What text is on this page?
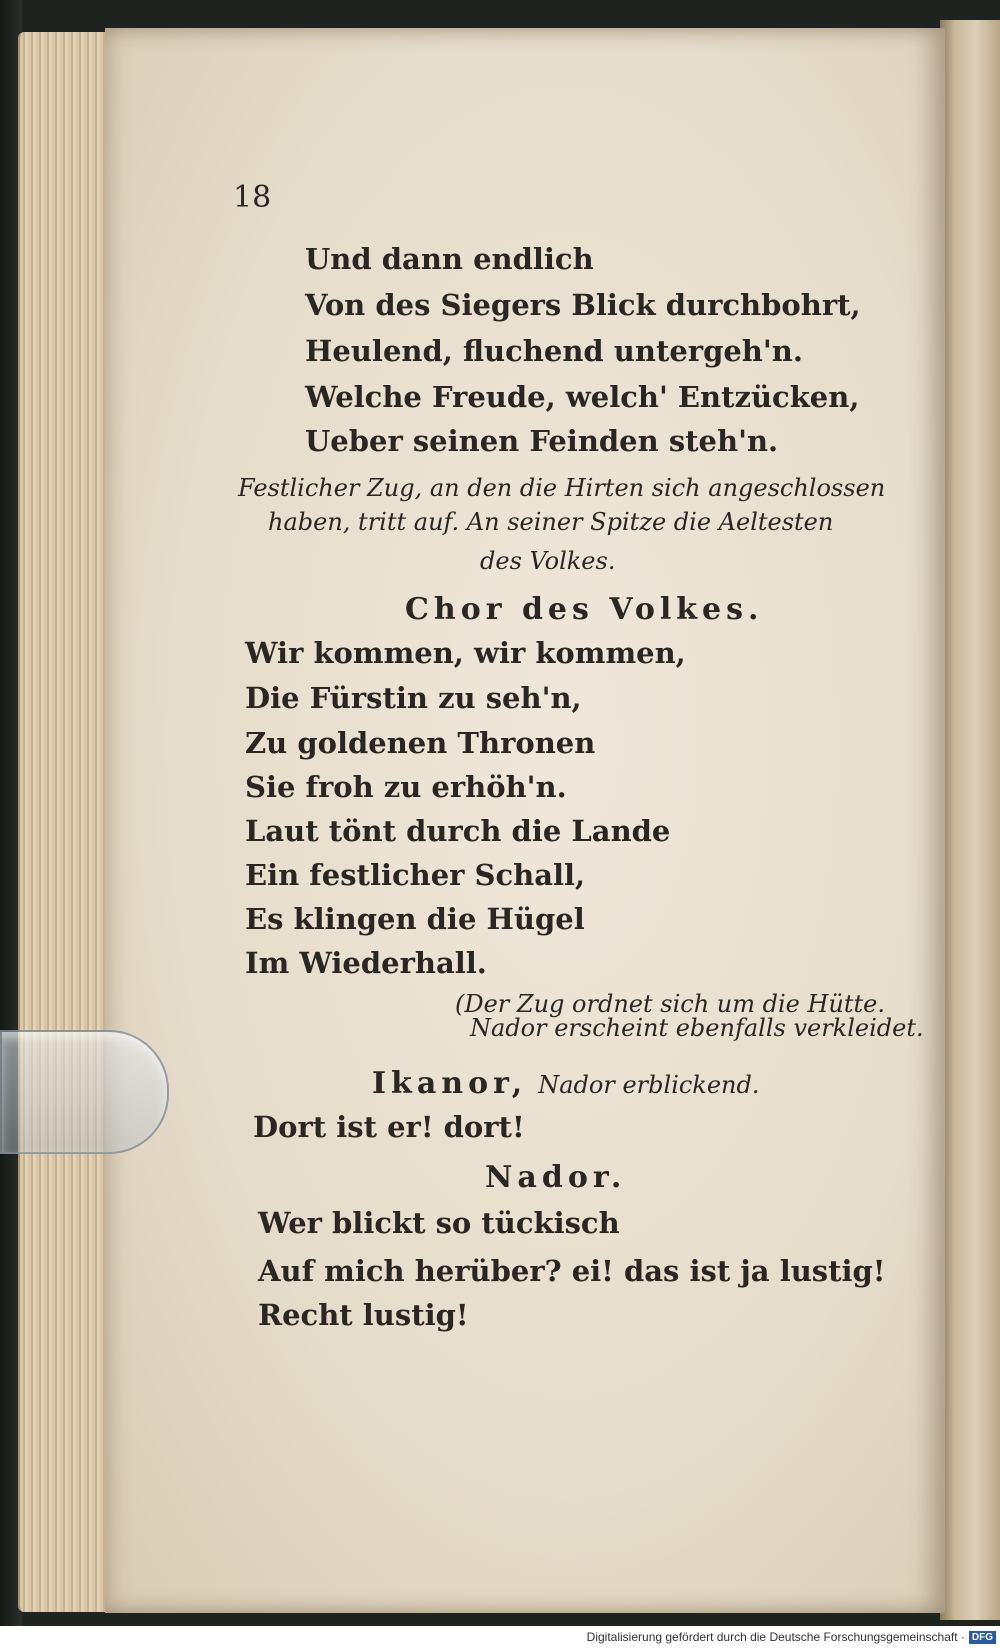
18
Und dann endlich
Von des Siegers Blick durchbohrt,
Heulend, fluchend untergeh'n.
Welche Freude, welch' Entzücken,
Ueber seinen Feinden steh'n.
Festlicher Zug, an den die Hirten sich angeschlossen
haben, tritt auf. An seiner Spitze die Aeltesten
des Volkes.
Chor des Volkes.
Wir kommen, wir kommen,
Die Fürstin zu seh'n,
Zu goldenen Thronen
Sie froh zu erhöh'n.
Laut tönt durch die Lande
Ein festlicher Schall,
Es klingen die Hügel
Im Wiederhall.
(Der Zug ordnet sich um die Hütte.
Nador erscheint ebenfalls verkleidet.
Ikanor, Nador erblickend.
Dort ist er! dort!
Nador.
Wer blickt so tückisch
Auf mich herüber? ei! das ist ja lustig!
Recht lustig!
Digitalisierung gefördert durch die Deutsche Forschungsgemeinschaft · DFG
